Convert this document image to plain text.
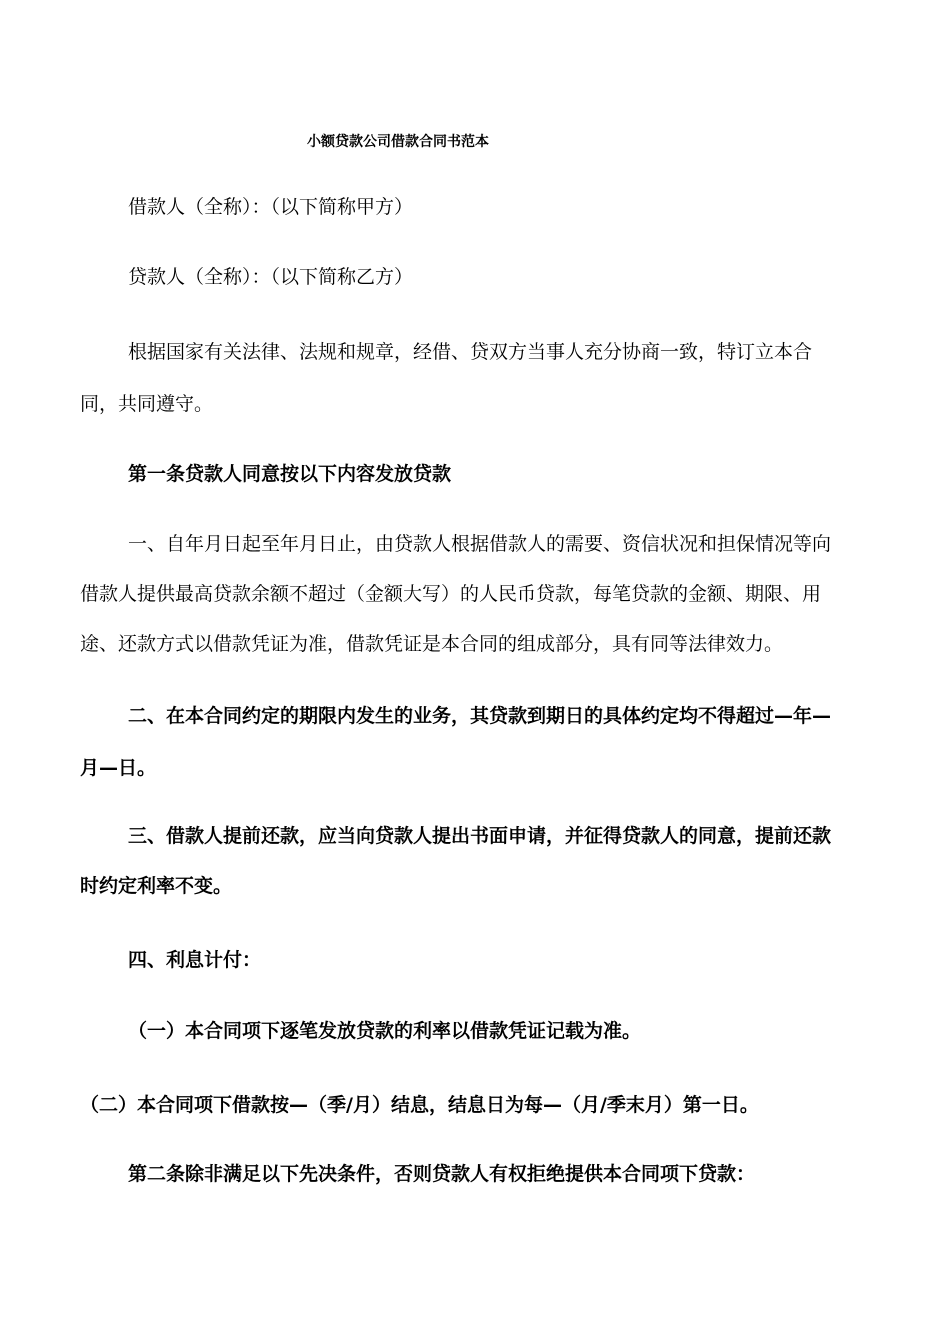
小额贷款公司借款合同书范本
借款人（全称）：（以下简称甲方）
贷款人（全称）：（以下简称乙方）
根据国家有关法律、法规和规章，经借、贷双方当事人充分协商一致，特订立本合
同，共同遵守。
第一条贷款人同意按以下内容发放贷款
一、自年月日起至年月日止，由贷款人根据借款人的需要、资信状况和担保情况等向
借款人提供最高贷款余额不超过（金额大写）的人民币贷款，每笔贷款的金额、期限、用
途、还款方式以借款凭证为准，借款凭证是本合同的组成部分，具有同等法律效力。
二、在本合同约定的期限内发生的业务，其贷款到期日的具体约定均不得超过—年—
月—日。
三、借款人提前还款，应当向贷款人提出书面申请，并征得贷款人的同意，提前还款
时约定利率不变。
四、利息计付：
（一）本合同项下逐笔发放贷款的利率以借款凭证记载为准。
（二）本合同项下借款按—（季/月）结息，结息日为每—（月/季末月）第一日。
第二条除非满足以下先决条件，否则贷款人有权拒绝提供本合同项下贷款：
